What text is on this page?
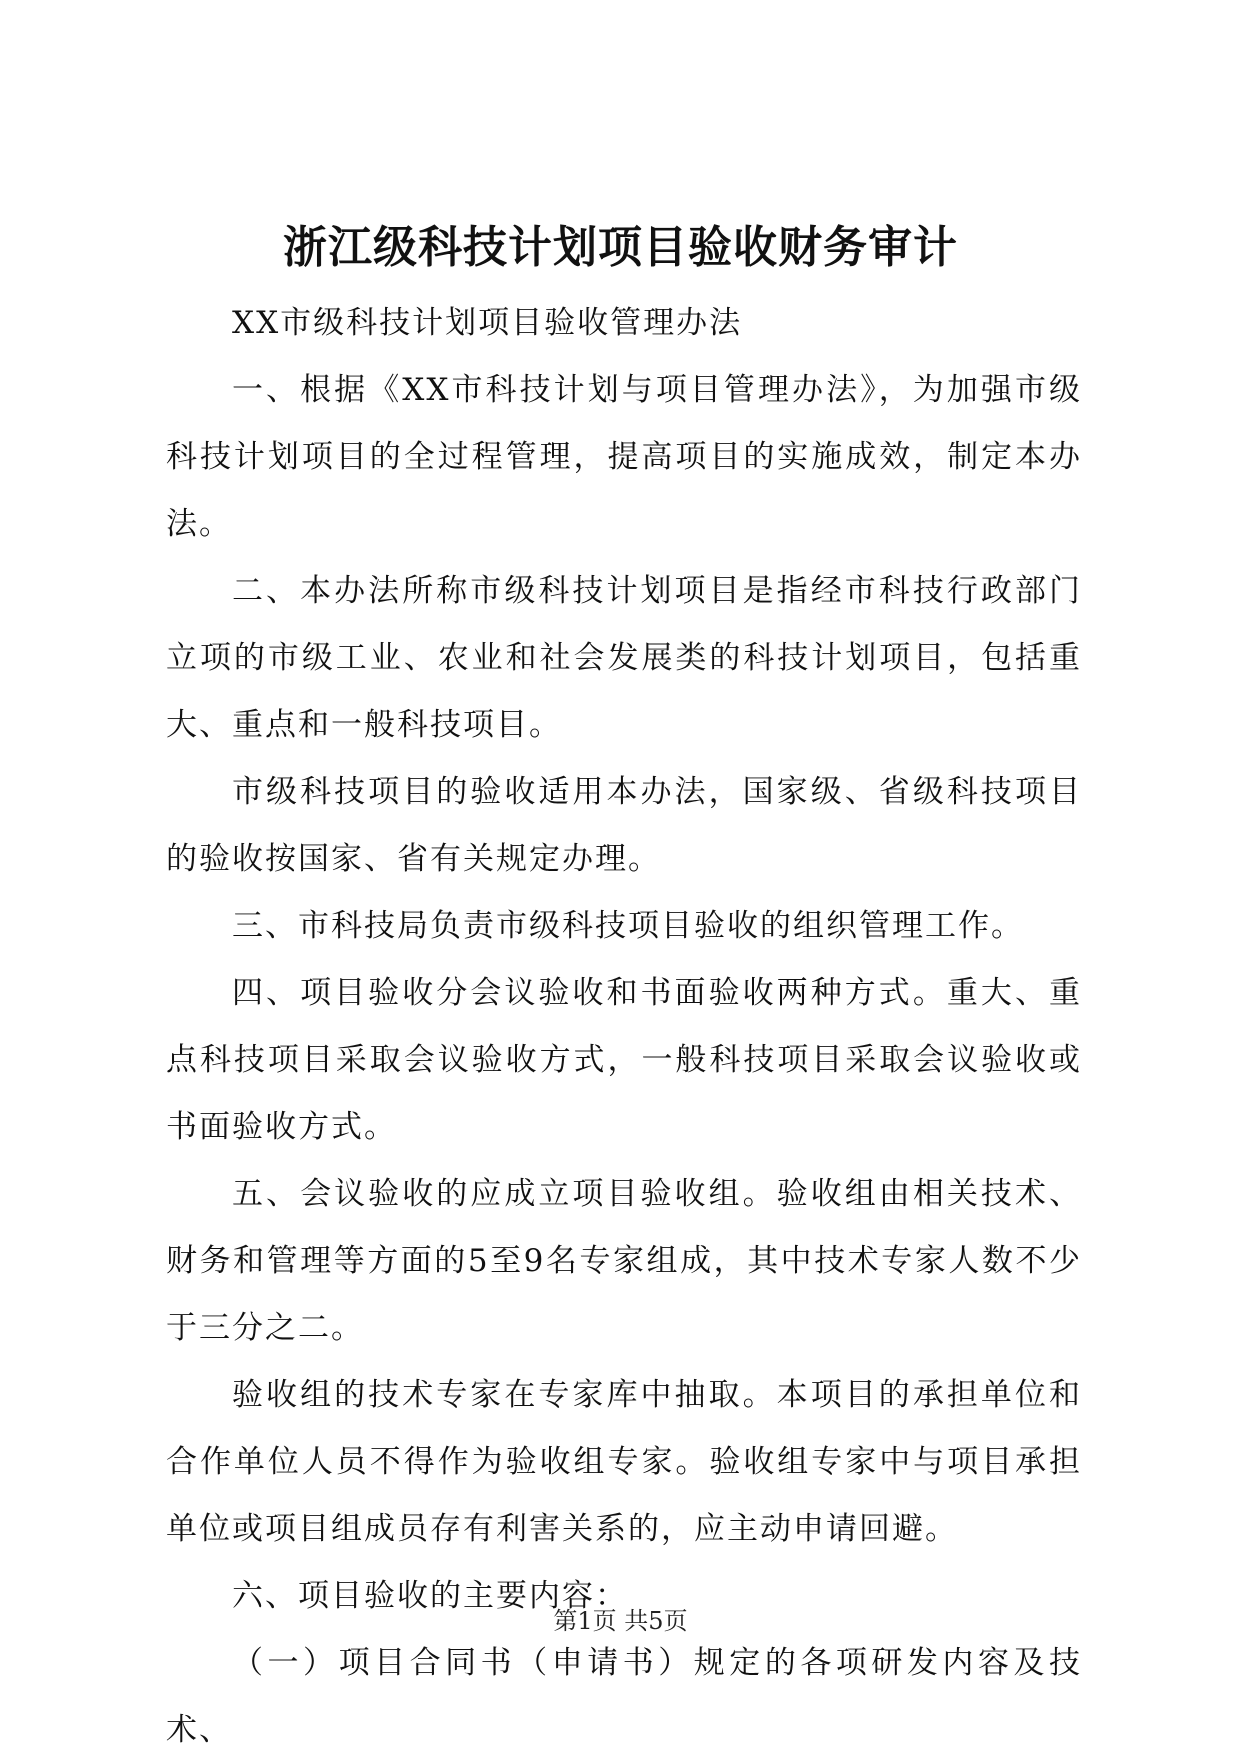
浙江级科技计划项目验收财务审计

XX市级科技计划项目验收管理办法

一、根据《XX市科技计划与项目管理办法》，为加强市级科技计划项目的全过程管理，提高项目的实施成效，制定本办法。

二、本办法所称市级科技计划项目是指经市科技行政部门立项的市级工业、农业和社会发展类的科技计划项目，包括重大、重点和一般科技项目。

市级科技项目的验收适用本办法，国家级、省级科技项目的验收按国家、省有关规定办理。

三、市科技局负责市级科技项目验收的组织管理工作。

四、项目验收分会议验收和书面验收两种方式。重大、重点科技项目采取会议验收方式，一般科技项目采取会议验收或书面验收方式。

五、会议验收的应成立项目验收组。验收组由相关技术、财务和管理等方面的5至9名专家组成，其中技术专家人数不少于三分之二。

验收组的技术专家在专家库中抽取。本项目的承担单位和合作单位人员不得作为验收组专家。验收组专家中与项目承担单位或项目组成员存有利害关系的，应主动申请回避。

六、项目验收的主要内容：

（一）项目合同书（申请书）规定的各项研发内容及技术、

第1页 共5页
